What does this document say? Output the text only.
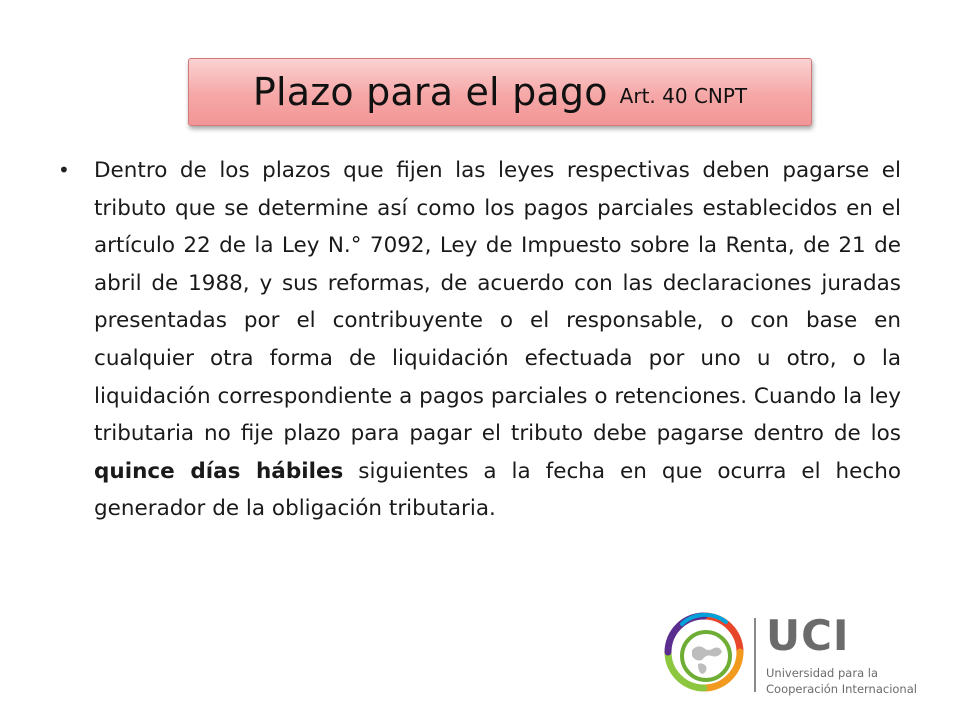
Plazo para el pago Art. 40 CNPT
• Dentro de los plazos que fijen las leyes respectivas deben pagarse el tributo que se determine así como los pagos parciales establecidos en el artículo 22 de la Ley N.° 7092, Ley de Impuesto sobre la Renta, de 21 de abril de 1988, y sus reformas, de acuerdo con las declaraciones juradas presentadas por el contribuyente o el responsable, o con base en cualquier otra forma de liquidación efectuada por uno u otro, o la liquidación correspondiente a pagos parciales o retenciones. Cuando la ley tributaria no fije plazo para pagar el tributo debe pagarse dentro de los quince días hábiles siguientes a la fecha en que ocurra el hecho generador de la obligación tributaria.
UCI
Universidad para la
Cooperación Internacional
